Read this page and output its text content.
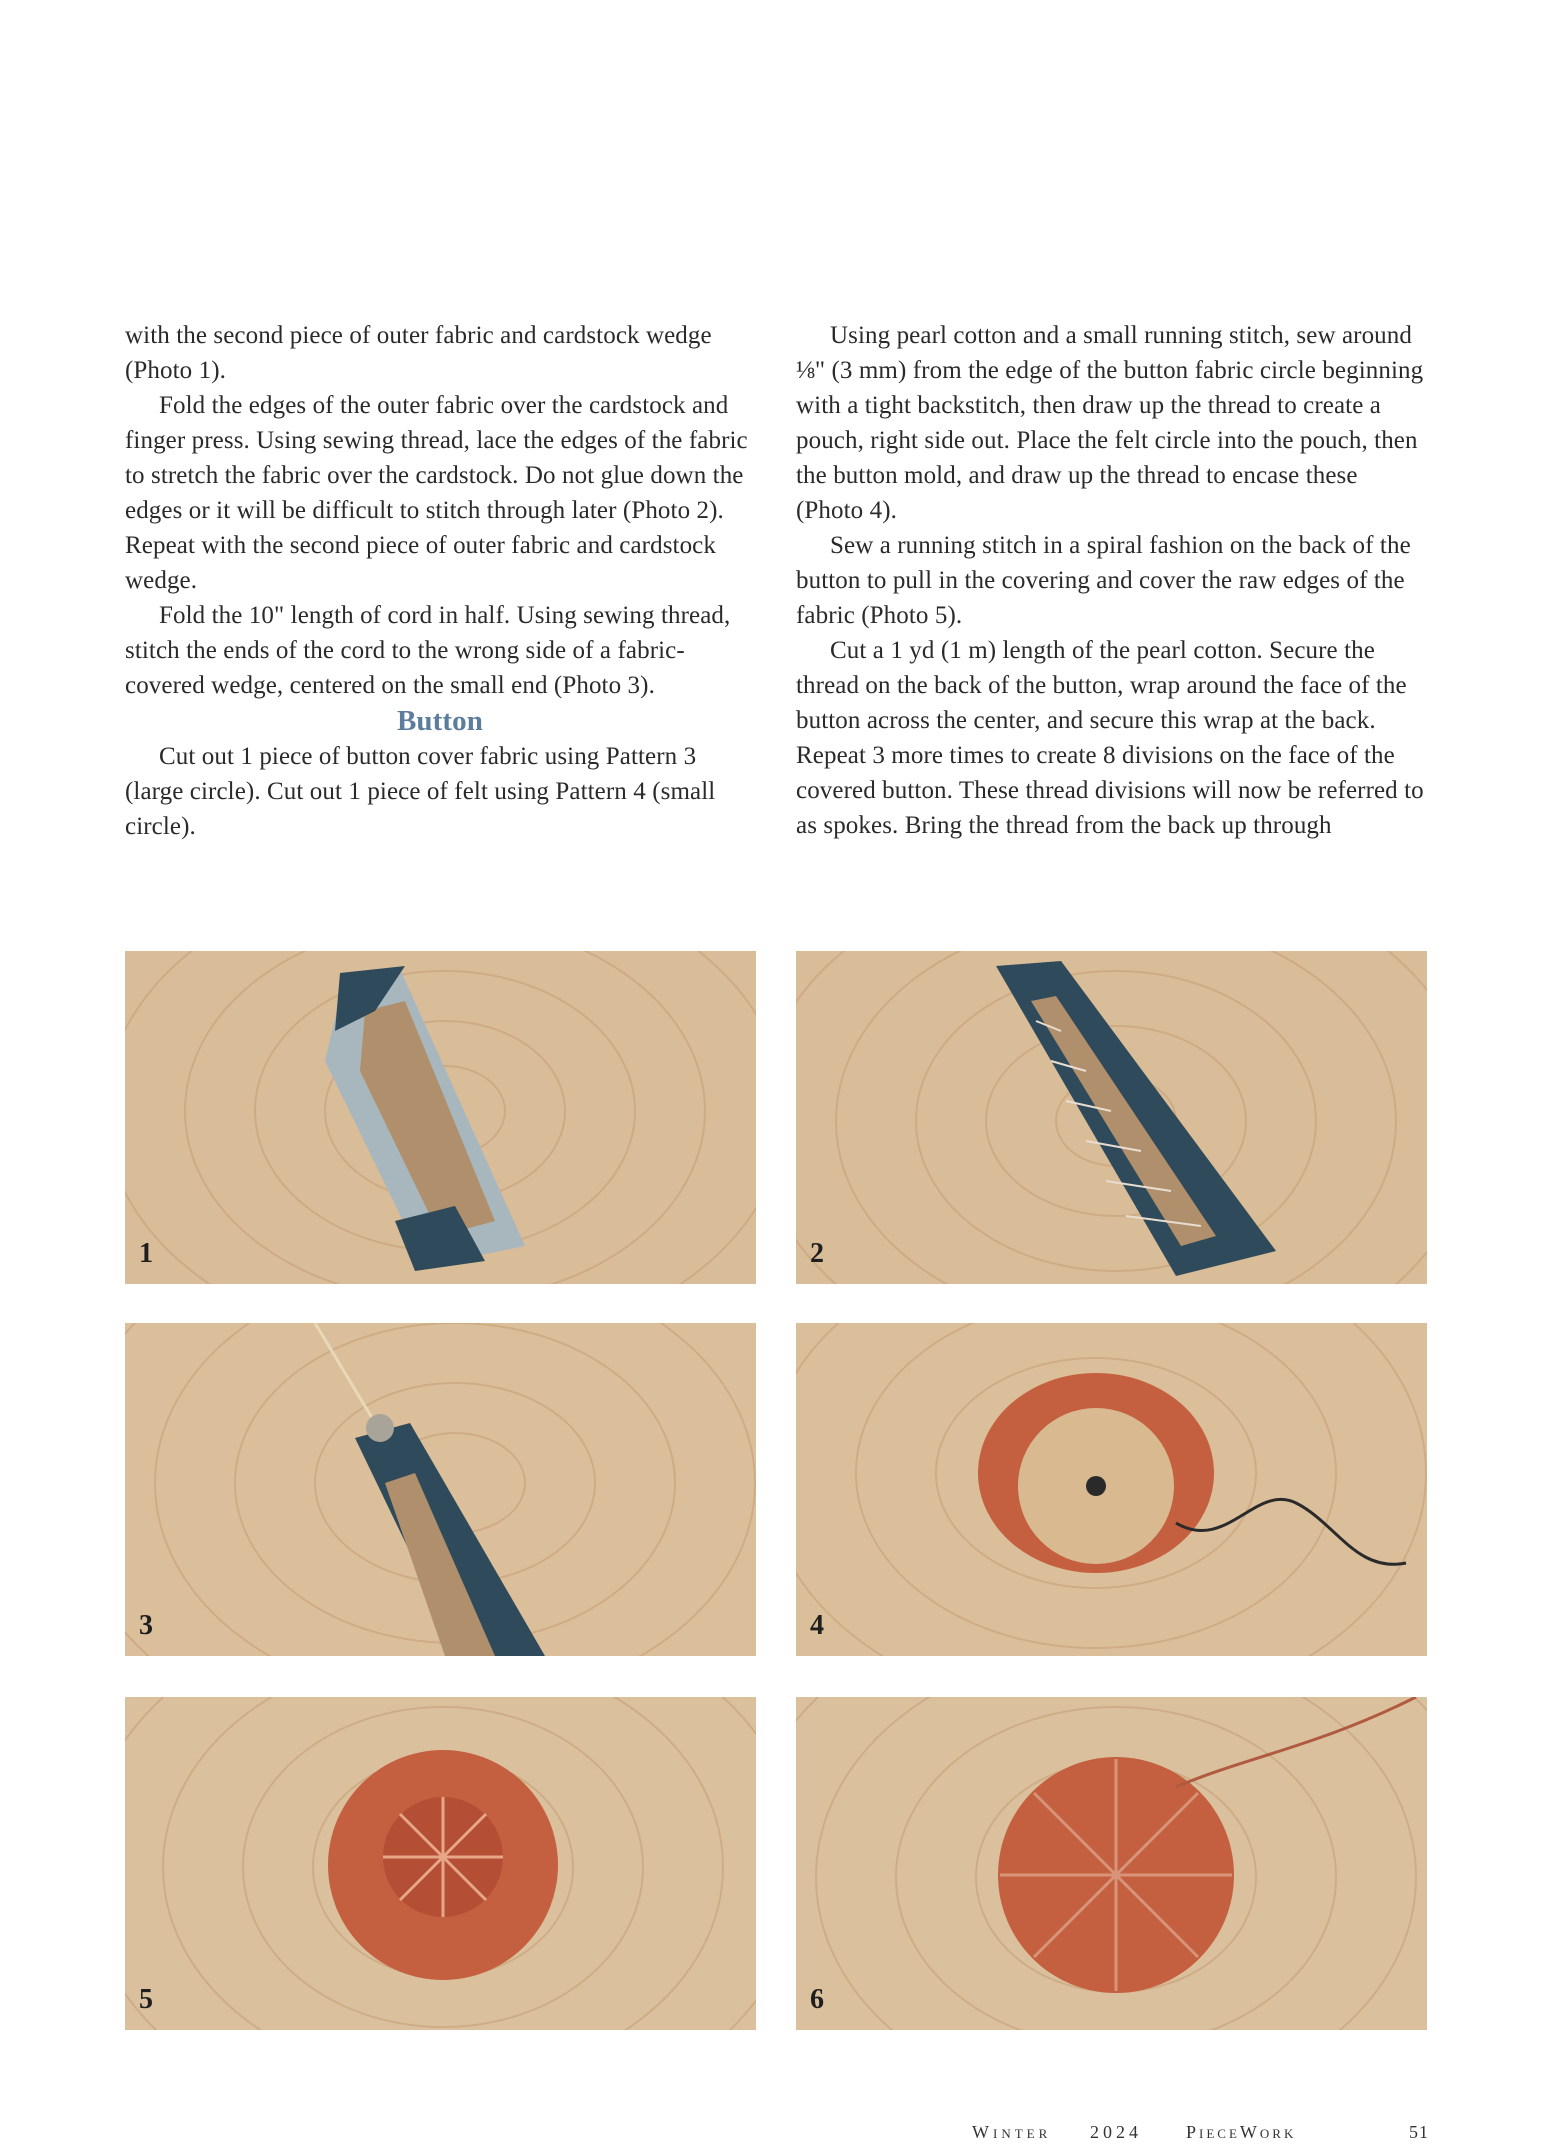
with the second piece of outer fabric and cardstock wedge (Photo 1).

Fold the edges of the outer fabric over the cardstock and finger press. Using sewing thread, lace the edges of the fabric to stretch the fabric over the cardstock. Do not glue down the edges or it will be difficult to stitch through later (Photo 2). Repeat with the second piece of outer fabric and cardstock wedge.

Fold the 10" length of cord in half. Using sewing thread, stitch the ends of the cord to the wrong side of a fabric-covered wedge, centered on the small end (Photo 3).

Button

Cut out 1 piece of button cover fabric using Pattern 3 (large circle). Cut out 1 piece of felt using Pattern 4 (small circle).

Using pearl cotton and a small running stitch, sew around ⅛" (3 mm) from the edge of the button fabric circle beginning with a tight backstitch, then draw up the thread to create a pouch, right side out. Place the felt circle into the pouch, then the button mold, and draw up the thread to encase these (Photo 4).

Sew a running stitch in a spiral fashion on the back of the button to pull in the covering and cover the raw edges of the fabric (Photo 5).

Cut a 1 yd (1 m) length of the pearl cotton. Secure the thread on the back of the button, wrap around the face of the button across the center, and secure this wrap at the back. Repeat 3 more times to create 8 divisions on the face of the covered button. These thread divisions will now be referred to as spokes. Bring the thread from the back up through

1	2
3	4
5	6
Winter 2024 PieceWork	51
